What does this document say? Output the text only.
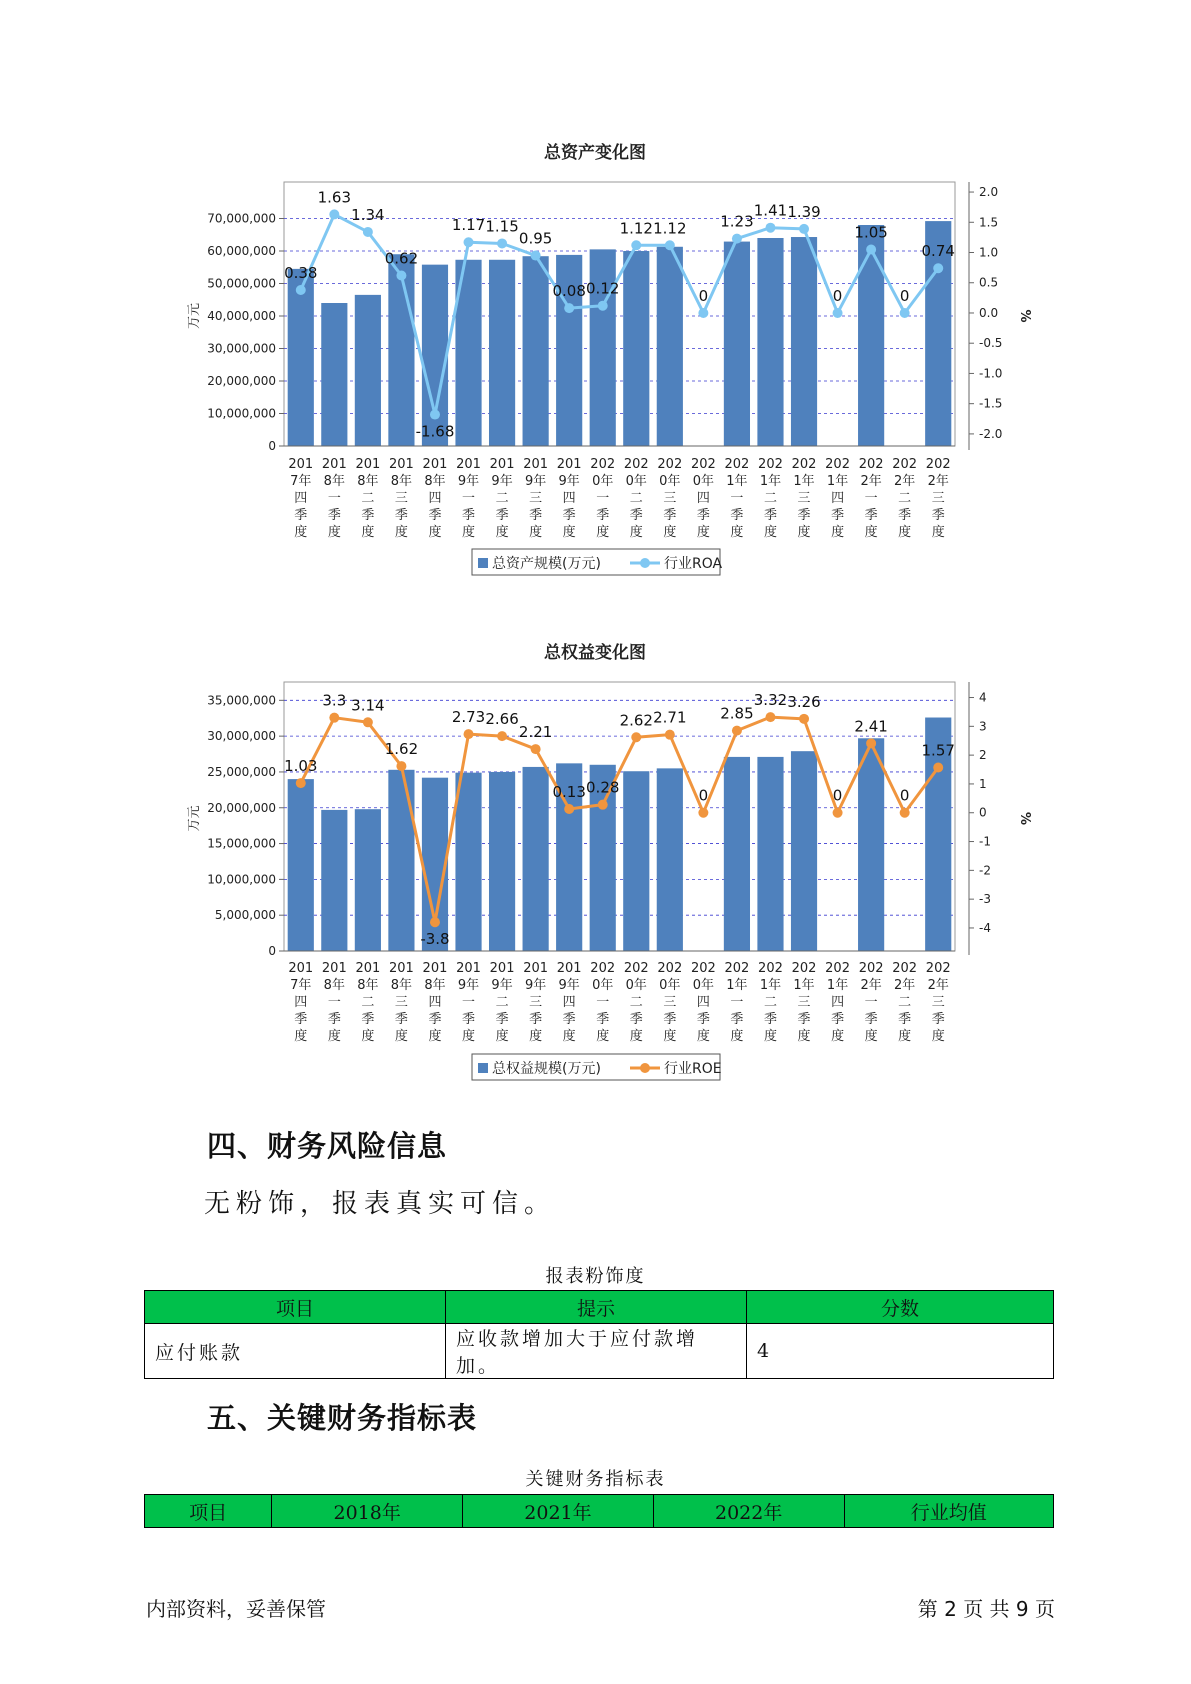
总资产变化图
0
10,000,000
20,000,000
30,000,000
40,000,000
50,000,000
60,000,000
70,000,000
万元
-2.0
-1.5
-1.0
-0.5
0.0
0.5
1.0
1.5
2.0
%
201
7年
四
季
度
201
8年
一
季
度
201
8年
二
季
度
201
8年
三
季
度
201
8年
四
季
度
201
9年
一
季
度
201
9年
二
季
度
201
9年
三
季
度
201
9年
四
季
度
202
0年
一
季
度
202
0年
二
季
度
202
0年
三
季
度
202
0年
四
季
度
202
1年
一
季
度
202
1年
二
季
度
202
1年
三
季
度
202
1年
四
季
度
202
2年
一
季
度
202
2年
二
季
度
202
2年
三
季
度
0.38
1.63
1.34
0.62
-1.68
1.17 1.15
0.95
0.08 0.12
1.12 1.12
0
1.23
1.41 1.39
0
1.05
0
0.74
总资产规模(万元)	行业ROA
总权益变化图
0
5,000,000
10,000,000
15,000,000
20,000,000
25,000,000
30,000,000
35,000,000
万元
-4
-3
-2
-1
0
1
2
3
4
%
201
7年
四
季
度
201
8年
一
季
度
201
8年
二
季
度
201
8年
三
季
度
201
8年
四
季
度
201
9年
一
季
度
201
9年
二
季
度
201
9年
三
季
度
201
9年
四
季
度
202
0年
一
季
度
202
0年
二
季
度
202
0年
三
季
度
202
0年
四
季
度
202
1年
一
季
度
202
1年
二
季
度
202
1年
三
季
度
202
1年
四
季
度
202
2年
一
季
度
202
2年
二
季
度
202
2年
三
季
度
1.03
3.3 3.14
1.62
-3.8
2.73 2.66
2.21
0.13 0.28
2.62 2.71
0
2.85
3.32 3.26
0
2.41
0
1.57
总权益规模(万元)	行业ROE
四、财务风险信息

无粉饰，报表真实可信。

报表粉饰度
项目	提示	分数
应付账款	应收款增加大于应付款增加。	4
五、关键财务指标表
关键财务指标表
项目	2018年	2021年	2022年	行业均值
内部资料，妥善保管	第 2 页 共 9 页
